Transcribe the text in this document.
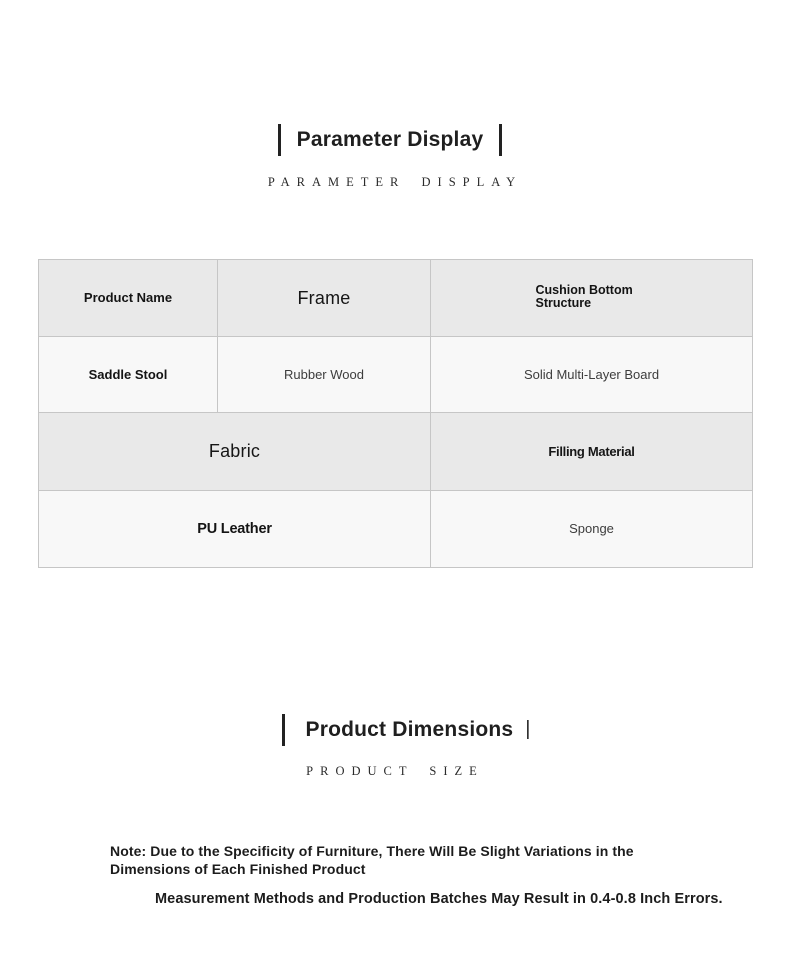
Parameter Display
PARAMETER DISPLAY
Product Name	Frame	Cushion Bottom Structure
Saddle Stool	Rubber Wood	Solid Multi-Layer Board
Fabric		Filling Material
PU Leather		Sponge
Product Dimensions |
PRODUCT SIZE
Note: Due to the Specificity of Furniture, There Will Be Slight Variations in the
Dimensions of Each Finished Product
Measurement Methods and Production Batches May Result in 0.4-0.8 Inch Errors.
